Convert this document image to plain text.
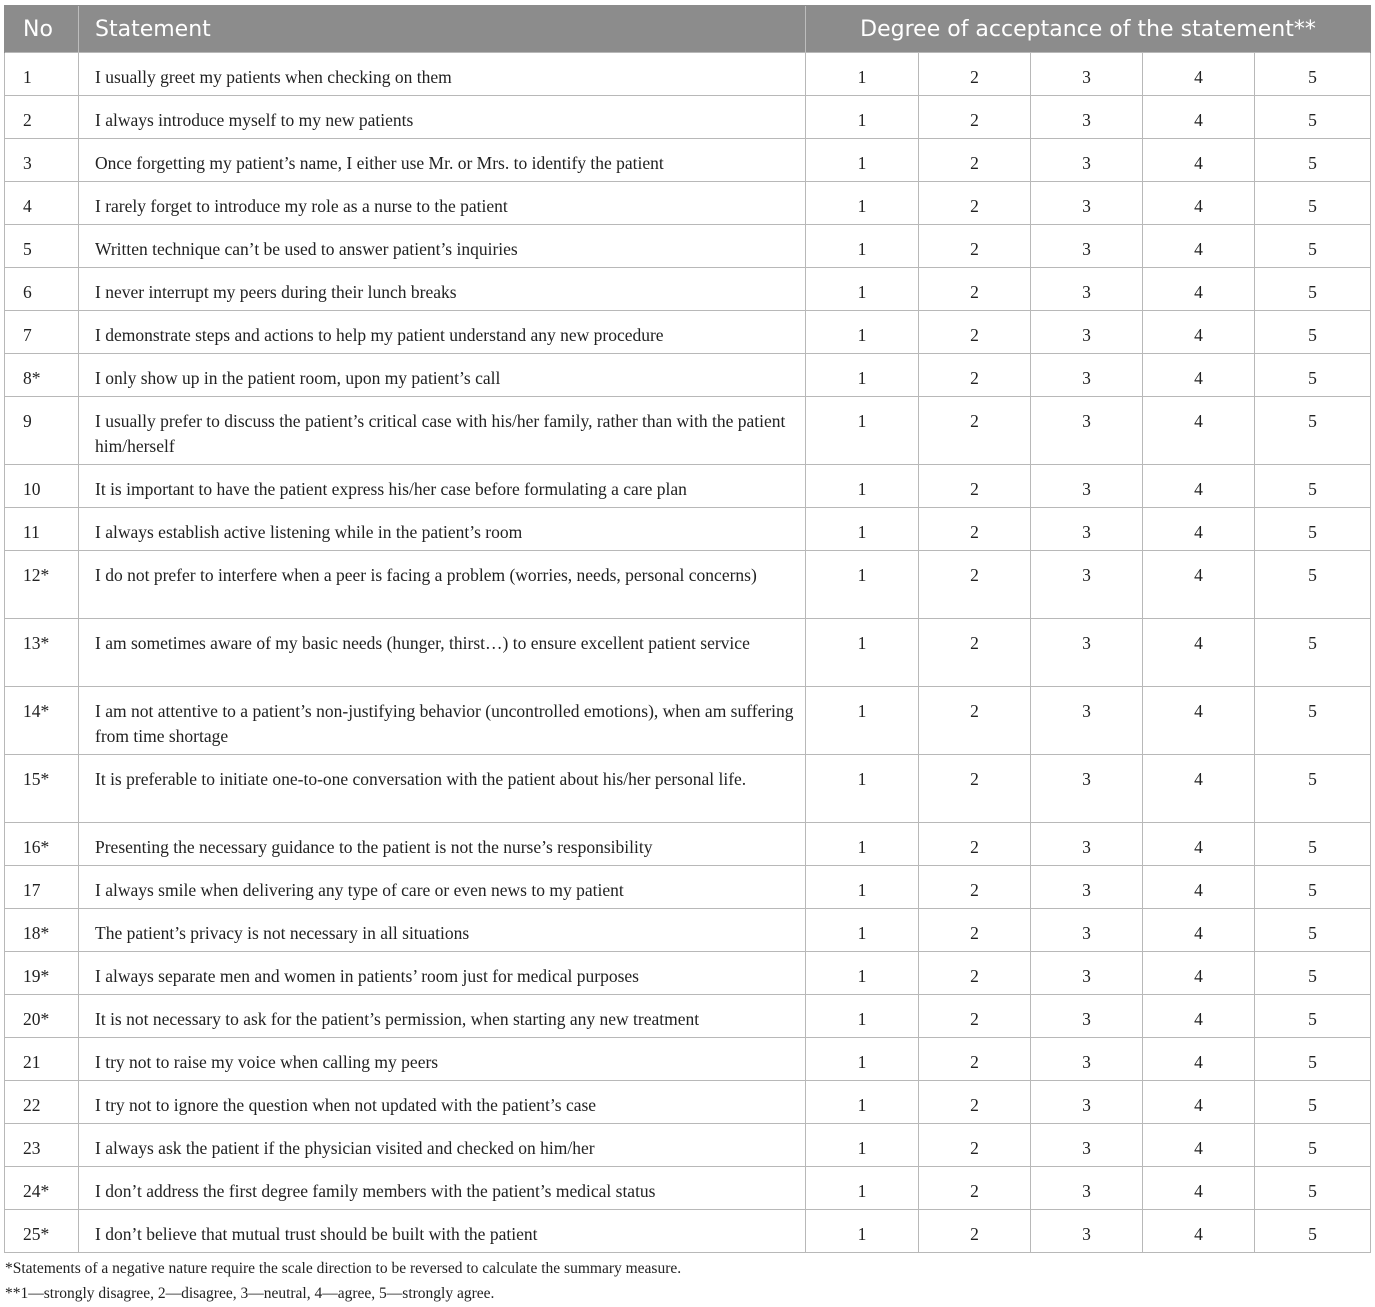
No	Statement	Degree of acceptance of the statement**				
1	I usually greet my patients when checking on them	1	2	3	4	5
2	I always introduce myself to my new patients	1	2	3	4	5
3	Once forgetting my patient’s name, I either use Mr. or Mrs. to identify the patient	1	2	3	4	5
4	I rarely forget to introduce my role as a nurse to the patient	1	2	3	4	5
5	Written technique can’t be used to answer patient’s inquiries	1	2	3	4	5
6	I never interrupt my peers during their lunch breaks	1	2	3	4	5
7	I demonstrate steps and actions to help my patient understand any new procedure	1	2	3	4	5
8*	I only show up in the patient room, upon my patient’s call	1	2	3	4	5
9	I usually prefer to discuss the patient’s critical case with his/her family, rather than with the patient him/herself	1	2	3	4	5
10	It is important to have the patient express his/her case before formulating a care plan	1	2	3	4	5
11	I always establish active listening while in the patient’s room	1	2	3	4	5
12*	I do not prefer to interfere when a peer is facing a problem (worries, needs, personal concerns)	1	2	3	4	5
13*	I am sometimes aware of my basic needs (hunger, thirst…) to ensure excellent patient service	1	2	3	4	5
14*	I am not attentive to a patient’s non-justifying behavior (uncontrolled emotions), when am suffering from time shortage	1	2	3	4	5
15*	It is preferable to initiate one-to-one conversation with the patient about his/her personal life.	1	2	3	4	5
16*	Presenting the necessary guidance to the patient is not the nurse’s responsibility	1	2	3	4	5
17	I always smile when delivering any type of care or even news to my patient	1	2	3	4	5
18*	The patient’s privacy is not necessary in all situations	1	2	3	4	5
19*	I always separate men and women in patients’ room just for medical purposes	1	2	3	4	5
20*	It is not necessary to ask for the patient’s permission, when starting any new treatment	1	2	3	4	5
21	I try not to raise my voice when calling my peers	1	2	3	4	5
22	I try not to ignore the question when not updated with the patient’s case	1	2	3	4	5
23	I always ask the patient if the physician visited and checked on him/her	1	2	3	4	5
24*	I don’t address the first degree family members with the patient’s medical status	1	2	3	4	5
25*	I don’t believe that mutual trust should be built with the patient	1	2	3	4	5
*Statements of a negative nature require the scale direction to be reversed to calculate the summary measure.
**1—strongly disagree, 2—disagree, 3—neutral, 4—agree, 5—strongly agree.
